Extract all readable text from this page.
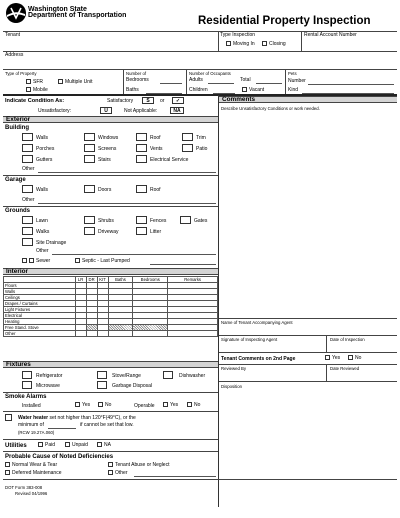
Washington State
Department of Transportation	Residential Property Inspection
Tenant	Type Inspection
Moving In	Closing
Rental Account Number
Address
Type of Property
SFR	Multiple Unit
Mobile
Number of
Bedrooms
Baths
Number of Occupants
Adults	Total
Children	Vacant
Pets
Number
Kind
Indicate Condition As:	Satisfactory	S	or	✓
Unsatisfactory:	U	Not Applicable:	NA
Comments
Describe Unsatisfactory Conditions or work needed.
Exterior
Building
Walls
Porches
Gutters
Windows
Screens
Stairs
Roof
Vents
Electrical Service
Trim
Patio
Other
Garage
Walls	Doors	Roof
Other
Grounds
Lawn
Walks
Site Drainage
Shrubs
Driveway
Fences
Litter
Gates
Other
Sewer	Septic - Last Pumped
Interior
	LR	DR	KIT	Baths	Bedrooms	Remarks
Floors						
Walls						
Ceilings						
Drapes / Curtains						
Light Fixtures						
Electrical						
Heating						
Free Stand. Stove						
Other						
Fixtures
Refrigerator	Stove/Range	Dishwasher
Microwave	Garbage Disposal
Smoke Alarms
Installed	Yes	No	Operable	Yes	No
Water heater set not higher than 120°F(49°C), or the
minimum of	if cannot be set that low.
(RCW 19.27A.060)
Utilities	Paid	Unpaid	NA
Probable Cause of Noted Deficiencies
Normal Wear & Tear	Tenant Abuse or Neglect
Deferred Maintenance	Other
DOT Form 383-008
Revised 04/1996
Name of Tenant Accompanying Agent
Signature of Inspecting Agent	Date of Inspection
Tenant Comments on 2nd Page	Yes	No
Reviewed By	Date Reviewed
Disposition
